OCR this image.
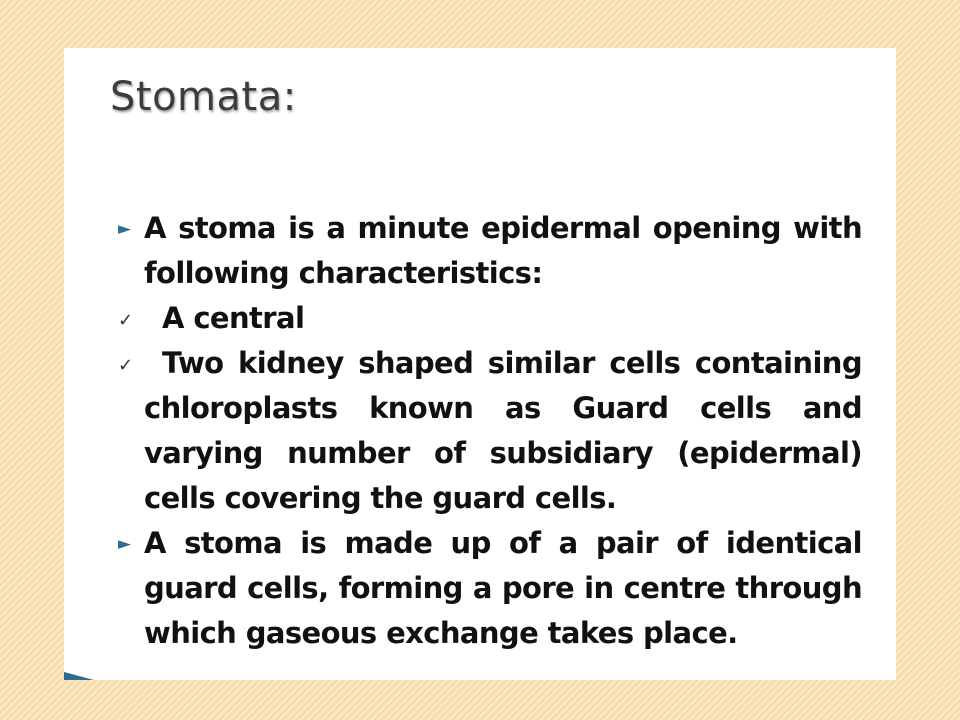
Stomata:
► A stoma is a minute epidermal opening with following characteristics:
✓ A central
✓ Two kidney shaped similar cells containing chloroplasts known as Guard cells and varying number of subsidiary (epidermal) cells covering the guard cells.
► A stoma is made up of a pair of identical guard cells, forming a pore in centre through which gaseous exchange takes place.
